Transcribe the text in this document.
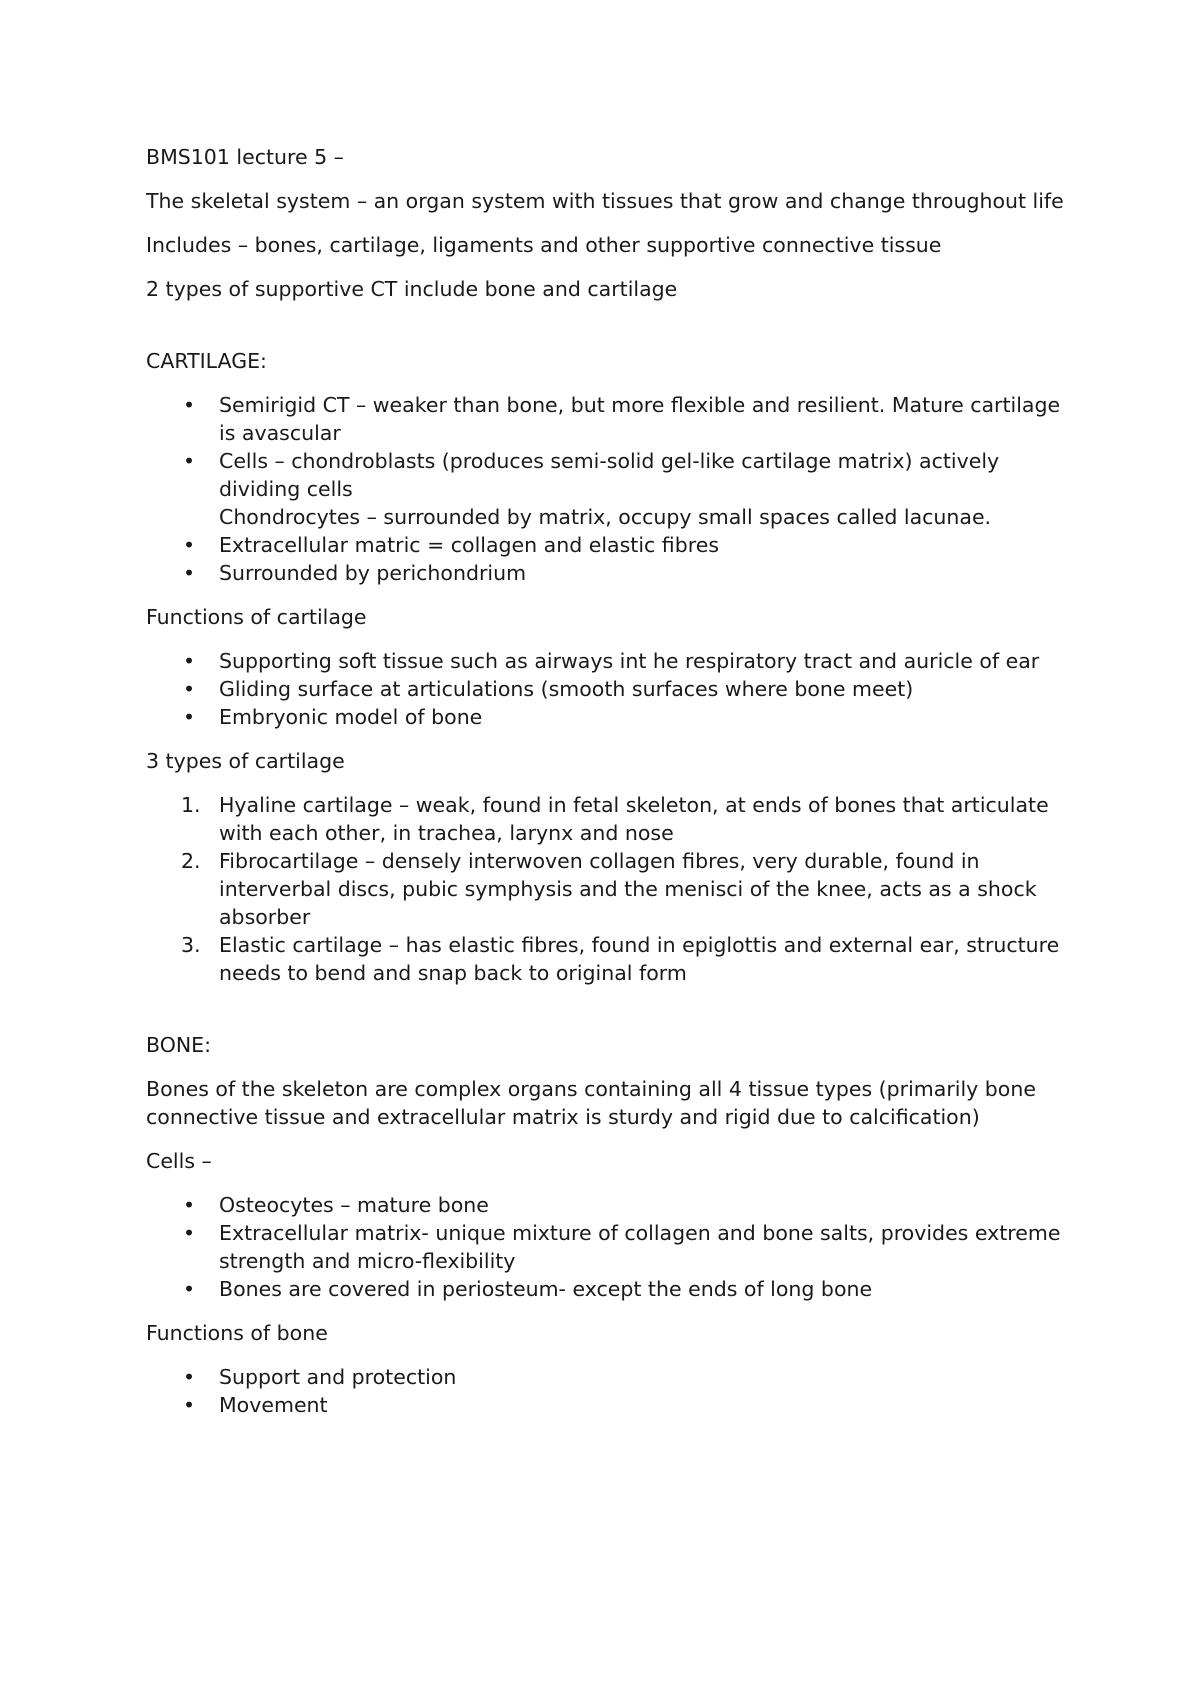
BMS101 lecture 5 –

The skeletal system – an organ system with tissues that grow and change throughout life

Includes – bones, cartilage, ligaments and other supportive connective tissue

2 types of supportive CT include bone and cartilage

CARTILAGE:

• Semirigid CT – weaker than bone, but more flexible and resilient. Mature cartilage is avascular
• Cells – chondroblasts (produces semi-solid gel-like cartilage matrix) actively dividing cells
Chondrocytes – surrounded by matrix, occupy small spaces called lacunae.
• Extracellular matric = collagen and elastic fibres
• Surrounded by perichondrium

Functions of cartilage

• Supporting soft tissue such as airways int he respiratory tract and auricle of ear
• Gliding surface at articulations (smooth surfaces where bone meet)
• Embryonic model of bone

3 types of cartilage

1. Hyaline cartilage – weak, found in fetal skeleton, at ends of bones that articulate with each other, in trachea, larynx and nose
2. Fibrocartilage – densely interwoven collagen fibres, very durable, found in interverbal discs, pubic symphysis and the menisci of the knee, acts as a shock absorber
3. Elastic cartilage – has elastic fibres, found in epiglottis and external ear, structure needs to bend and snap back to original form

BONE:

Bones of the skeleton are complex organs containing all 4 tissue types (primarily bone connective tissue and extracellular matrix is sturdy and rigid due to calcification)

Cells –

• Osteocytes – mature bone
• Extracellular matrix- unique mixture of collagen and bone salts, provides extreme strength and micro-flexibility
• Bones are covered in periosteum- except the ends of long bone

Functions of bone

• Support and protection
• Movement
